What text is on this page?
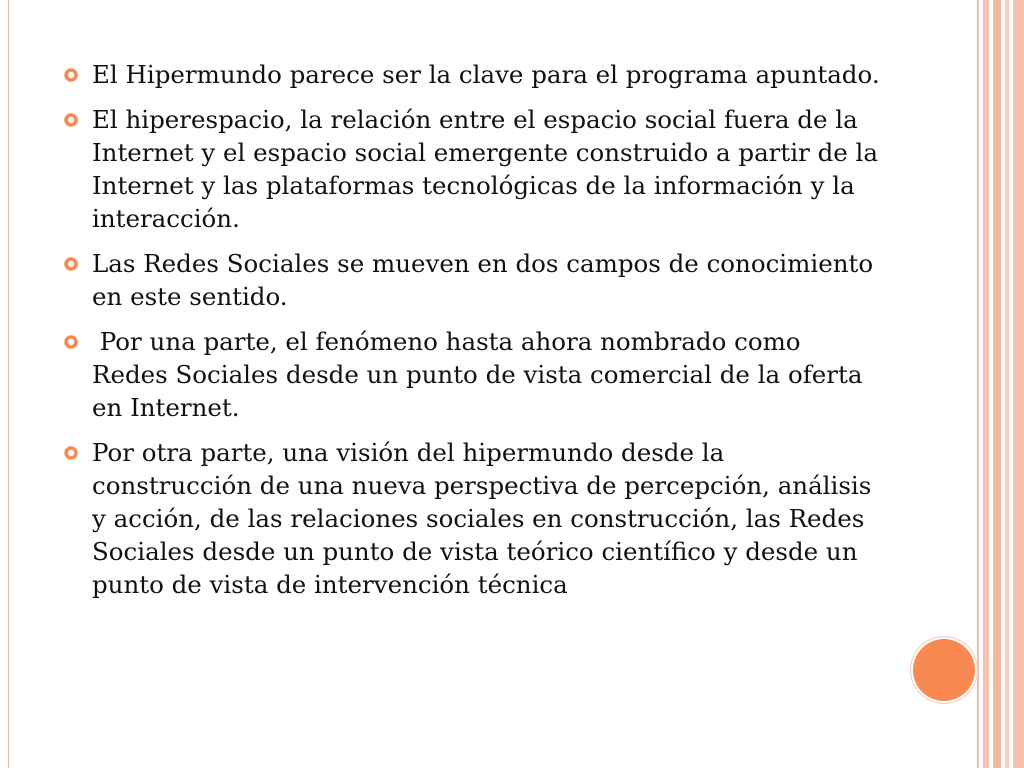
El Hipermundo parece ser la clave para el programa apuntado.
El hiperespacio, la relación entre el espacio social fuera de la Internet y el espacio social emergente construido a partir de la Internet y las plataformas tecnológicas de la información y la interacción.
Las Redes Sociales se mueven en dos campos de conocimiento en este sentido.
Por una parte, el fenómeno hasta ahora nombrado como Redes Sociales desde un punto de vista comercial de la oferta en Internet.
Por otra parte, una visión del hipermundo desde la construcción de una nueva perspectiva de percepción, análisis y acción, de las relaciones sociales en construcción, las Redes Sociales desde un punto de vista teórico científico y desde un punto de vista de intervención técnica
